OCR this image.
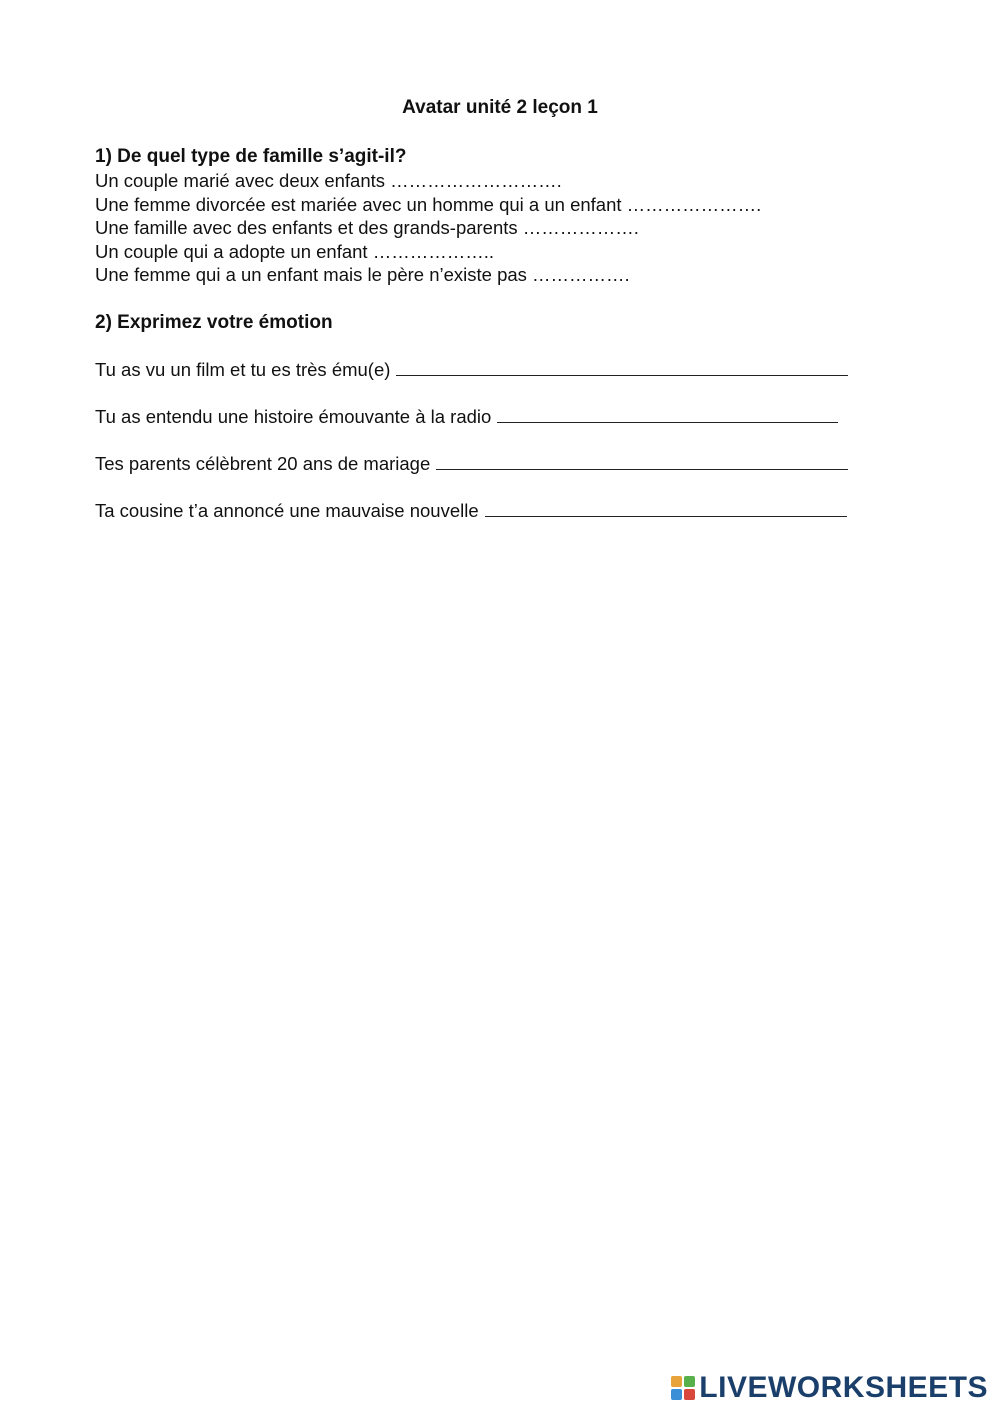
Avatar unité 2 leçon 1
1) De quel type de famille s’agit-il?
Un couple marié avec deux enfants ……………………….
Une femme divorcée est mariée avec un homme qui a un enfant ………………….
Une famille avec des enfants et des grands-parents ……………….
Un couple qui a adopte un enfant ………………..
Une femme qui a un enfant mais le père n’existe pas …………….
2) Exprimez votre émotion
Tu as vu un film et tu es très ému(e)
Tu as entendu une histoire émouvante à la radio
Tes parents célèbrent 20 ans de mariage
Ta cousine t’a annoncé une mauvaise nouvelle
LIVEWORKSHEETS
